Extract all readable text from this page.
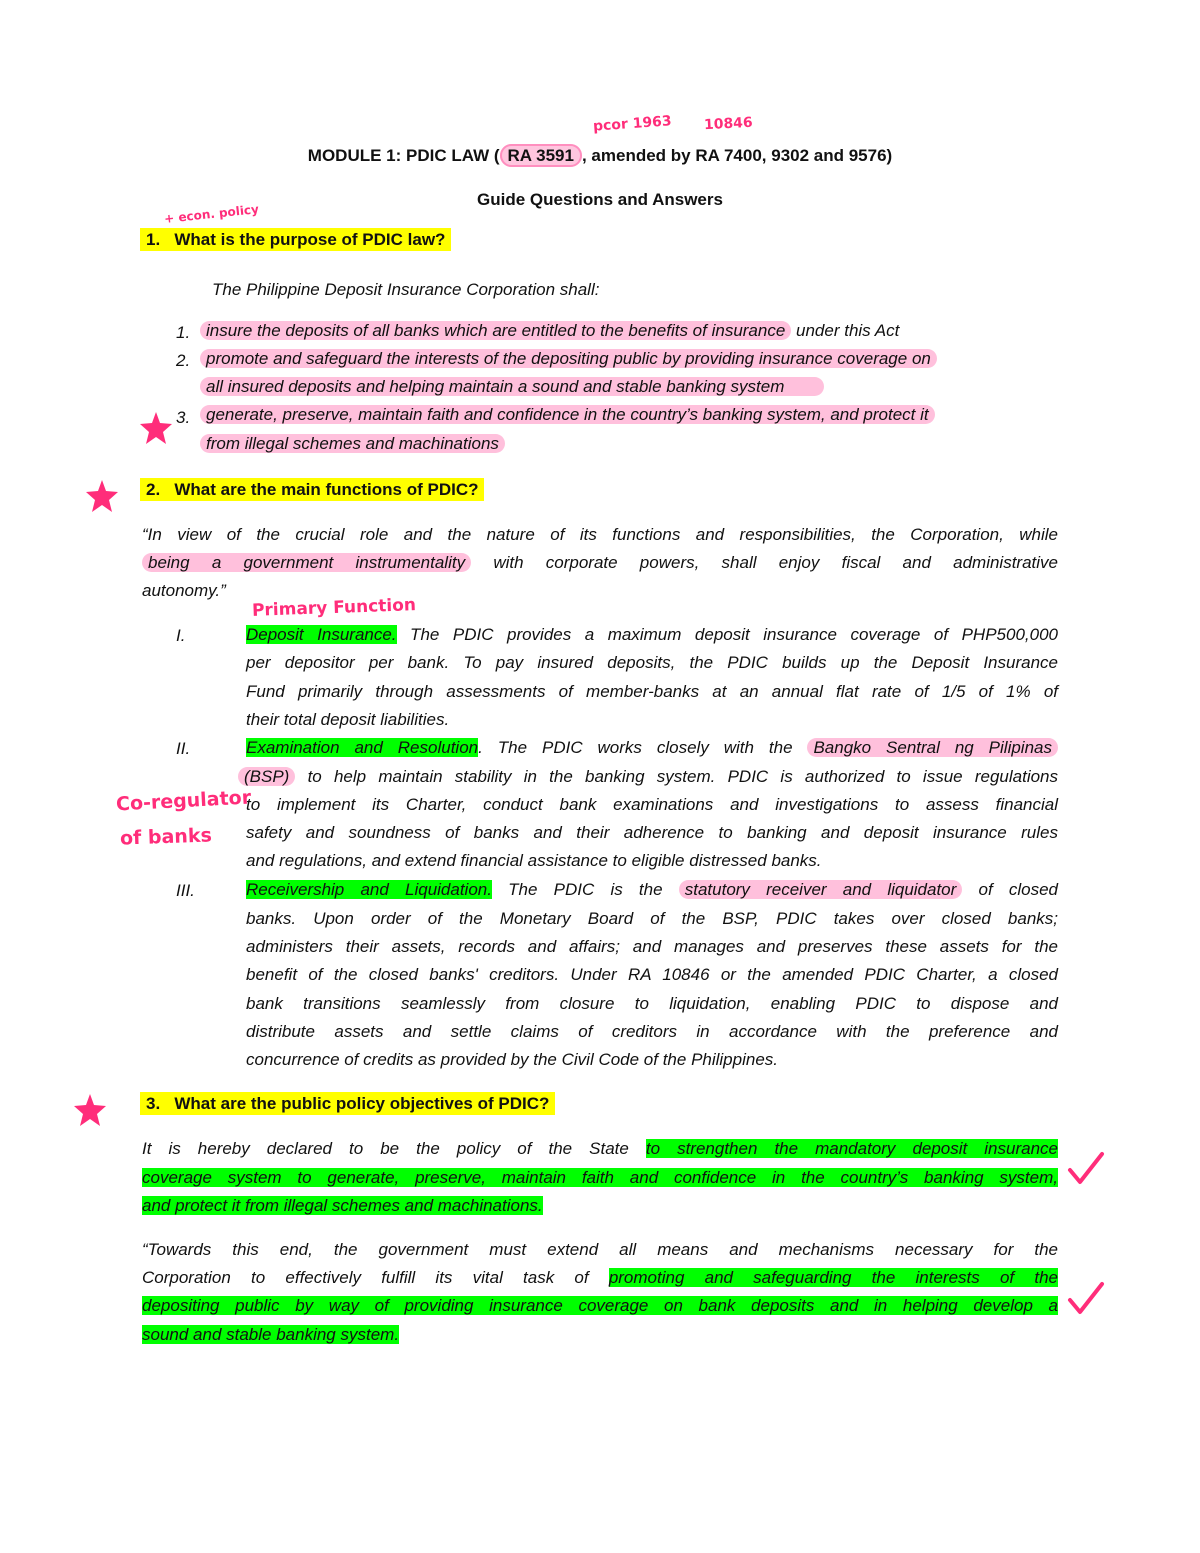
pcor 1963 10846
MODULE 1: PDIC LAW ( RA 3591 , amended by RA 7400, 9302 and 9576)
Guide Questions and Answers
+ econ. policy
1. What is the purpose of PDIC law?
The Philippine Deposit Insurance Corporation shall:
1. insure the deposits of all banks which are entitled to the benefits of insurance under this Act
2. promote and safeguard the interests of the depositing public by providing insurance coverage on
all insured deposits and helping maintain a sound and stable banking system
3. generate, preserve, maintain faith and confidence in the country’s banking system, and protect it
from illegal schemes and machinations
2. What are the main functions of PDIC?
“In view of the crucial role and the nature of its functions and responsibilities, the Corporation, while
being a government instrumentality with corporate powers, shall enjoy fiscal and administrative
autonomy.”
Primary Function
I.	Deposit Insurance. The PDIC provides a maximum deposit insurance coverage of PHP500,000
per depositor per bank. To pay insured deposits, the PDIC builds up the Deposit Insurance
Fund primarily through assessments of member-banks at an annual flat rate of 1/5 of 1% of
their total deposit liabilities.
II.	Examination and Resolution. The PDIC works closely with the Bangko Sentral ng Pilipinas
(BSP) to help maintain stability in the banking system. PDIC is authorized to issue regulations
to implement its Charter, conduct bank examinations and investigations to assess financial
safety and soundness of banks and their adherence to banking and deposit insurance rules
and regulations, and extend financial assistance to eligible distressed banks.
Co-regulator
of banks
III.	Receivership and Liquidation. The PDIC is the statutory receiver and liquidator of closed
banks. Upon order of the Monetary Board of the BSP, PDIC takes over closed banks;
administers their assets, records and affairs; and manages and preserves these assets for the
benefit of the closed banks' creditors. Under RA 10846 or the amended PDIC Charter, a closed
bank transitions seamlessly from closure to liquidation, enabling PDIC to dispose and
distribute assets and settle claims of creditors in accordance with the preference and
concurrence of credits as provided by the Civil Code of the Philippines.
3. What are the public policy objectives of PDIC?
It is hereby declared to be the policy of the State to strengthen the mandatory deposit insurance
coverage system to generate, preserve, maintain faith and confidence in the country’s banking system,
and protect it from illegal schemes and machinations.
“Towards this end, the government must extend all means and mechanisms necessary for the
Corporation to effectively fulfill its vital task of promoting and safeguarding the interests of the
depositing public by way of providing insurance coverage on bank deposits and in helping develop a
sound and stable banking system.
